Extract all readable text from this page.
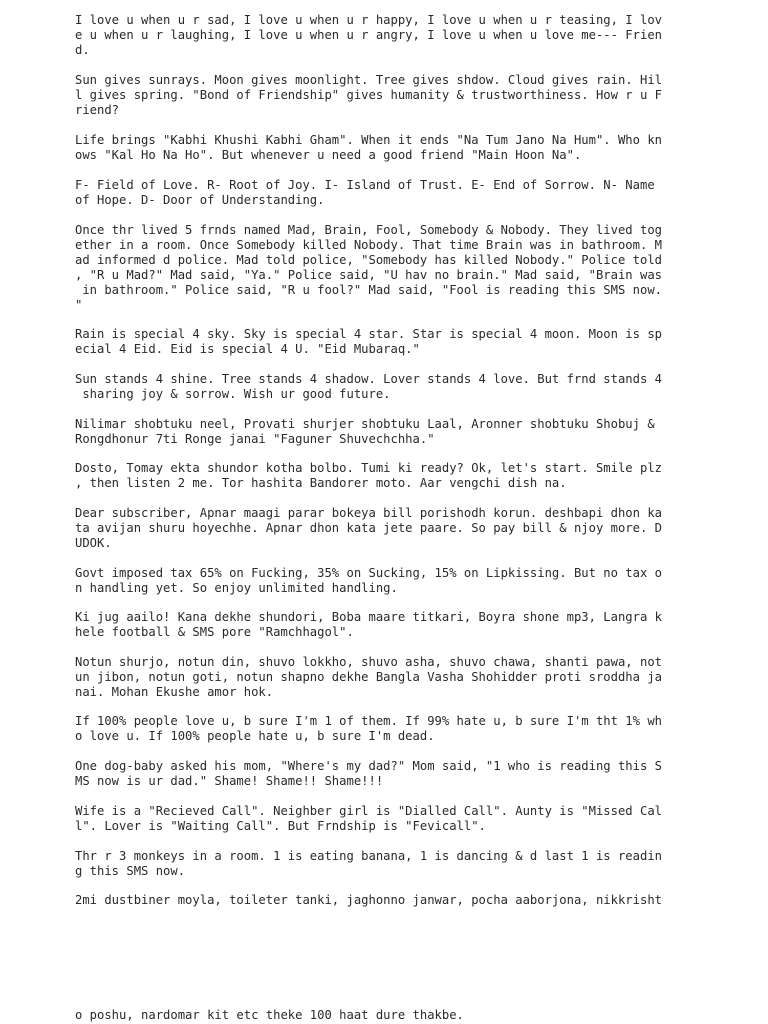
I love u when u r sad, I love u when u r happy, I love u when u r teasing, I lov
e u when u r laughing, I love u when u r angry, I love u when u love me--- Frien
d.

Sun gives sunrays. Moon gives moonlight. Tree gives shdow. Cloud gives rain. Hil
l gives spring. "Bond of Friendship" gives humanity & trustworthiness. How r u F
riend?

Life brings "Kabhi Khushi Kabhi Gham". When it ends "Na Tum Jano Na Hum". Who kn
ows "Kal Ho Na Ho". But whenever u need a good friend "Main Hoon Na".

F- Field of Love. R- Root of Joy. I- Island of Trust. E- End of Sorrow. N- Name
of Hope. D- Door of Understanding.

Once thr lived 5 frnds named Mad, Brain, Fool, Somebody & Nobody. They lived tog
ether in a room. Once Somebody killed Nobody. That time Brain was in bathroom. M
ad informed d police. Mad told police, "Somebody has killed Nobody." Police told
, "R u Mad?" Mad said, "Ya." Police said, "U hav no brain." Mad said, "Brain was
in bathroom." Police said, "R u fool?" Mad said, "Fool is reading this SMS now.
"

Rain is special 4 sky. Sky is special 4 star. Star is special 4 moon. Moon is sp
ecial 4 Eid. Eid is special 4 U. "Eid Mubaraq."

Sun stands 4 shine. Tree stands 4 shadow. Lover stands 4 love. But frnd stands 4
sharing joy & sorrow. Wish ur good future.

Nilimar shobtuku neel, Provati shurjer shobtuku Laal, Aronner shobtuku Shobuj &
Rongdhonur 7ti Ronge janai "Faguner Shuvechchha."

Dosto, Tomay ekta shundor kotha bolbo. Tumi ki ready? Ok, let's start. Smile plz
, then listen 2 me. Tor hashita Bandorer moto. Aar vengchi dish na.

Dear subscriber, Apnar maagi parar bokeya bill porishodh korun. deshbapi dhon ka
ta avijan shuru hoyechhe. Apnar dhon kata jete paare. So pay bill & njoy more. D
UDOK.

Govt imposed tax 65% on Fucking, 35% on Sucking, 15% on Lipkissing. But no tax o
n handling yet. So enjoy unlimited handling.

Ki jug aailo! Kana dekhe shundori, Boba maare titkari, Boyra shone mp3, Langra k
hele football & SMS pore "Ramchhagol".

Notun shurjo, notun din, shuvo lokkho, shuvo asha, shuvo chawa, shanti pawa, not
un jibon, notun goti, notun shapno dekhe Bangla Vasha Shohidder proti sroddha ja
nai. Mohan Ekushe amor hok.

If 100% people love u, b sure I'm 1 of them. If 99% hate u, b sure I'm tht 1% wh
o love u. If 100% people hate u, b sure I'm dead.

One dog-baby asked his mom, "Where's my dad?" Mom said, "1 who is reading this S
MS now is ur dad." Shame! Shame!! Shame!!!

Wife is a "Recieved Call". Neighber girl is "Dialled Call". Aunty is "Missed Cal
l". Lover is "Waiting Call". But Frndship is "Fevicall".

Thr r 3 monkeys in a room. 1 is eating banana, 1 is dancing & d last 1 is readin
g this SMS now.

2mi dustbiner moyla, toileter tanki, jaghonno janwar, pocha aaborjona, nikkrisht

o poshu, nardomar kit etc theke 100 haat dure thakbe.
